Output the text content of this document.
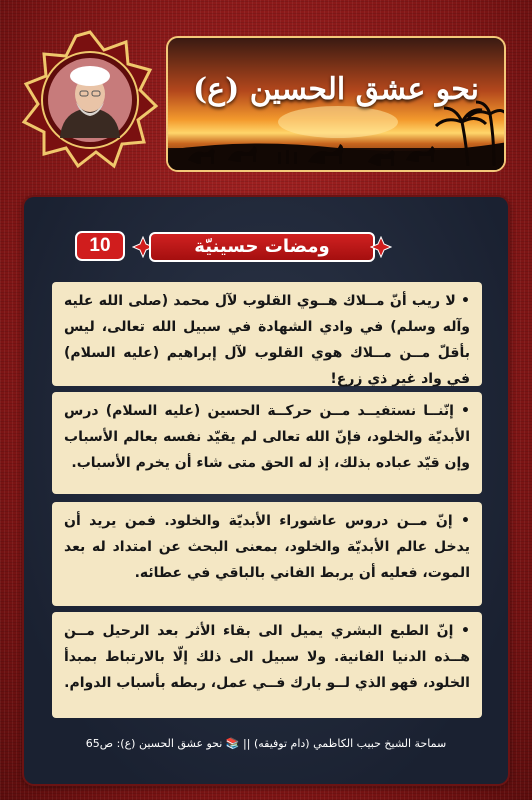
نحو عشق الحسين (ع)
10	ومضات حسينيّة
• لا ريب أنّ مــلاك هــوي القلوب لآل محمد (صلى الله عليه وآله وسلم) في وادي الشهادة في سبيل الله تعالى، ليس بأقلّ مــن مــلاك هوي القلوب لآل إبراهيم (عليه السلام) في واد غير ذي زرع!
• إنّنــا نستفيــد مــن حركــة الحسين (عليه السلام) درس الأبديّة والخلود، فإنّ الله تعالى لم يقيّد نفسه بعالم الأسباب وإن قيّد عباده بذلك، إذ له الحق متى شاء أن يخرم الأسباب.
• إنّ مــن دروس عاشوراء الأبديّة والخلود. فمن يريد أن يدخل عالم الأبديّة والخلود، بمعنى البحث عن امتداد له بعد الموت، فعليه أن يربط الفاني بالباقي في عطائه.
• إنّ الطبع البشري يميل الى بقاء الأثر بعد الرحيل مــن هــذه الدنيا الفانية. ولا سبيل الى ذلك إلّا بالارتباط بمبدأ الخلود، فهو الذي لــو بارك فــي عمل، ربطه بأسباب الدوام.
سماحة الشيخ حبيب الكاظمي (دام توفيقه) || 📚 نحو عشق الحسين (ع): ص65
